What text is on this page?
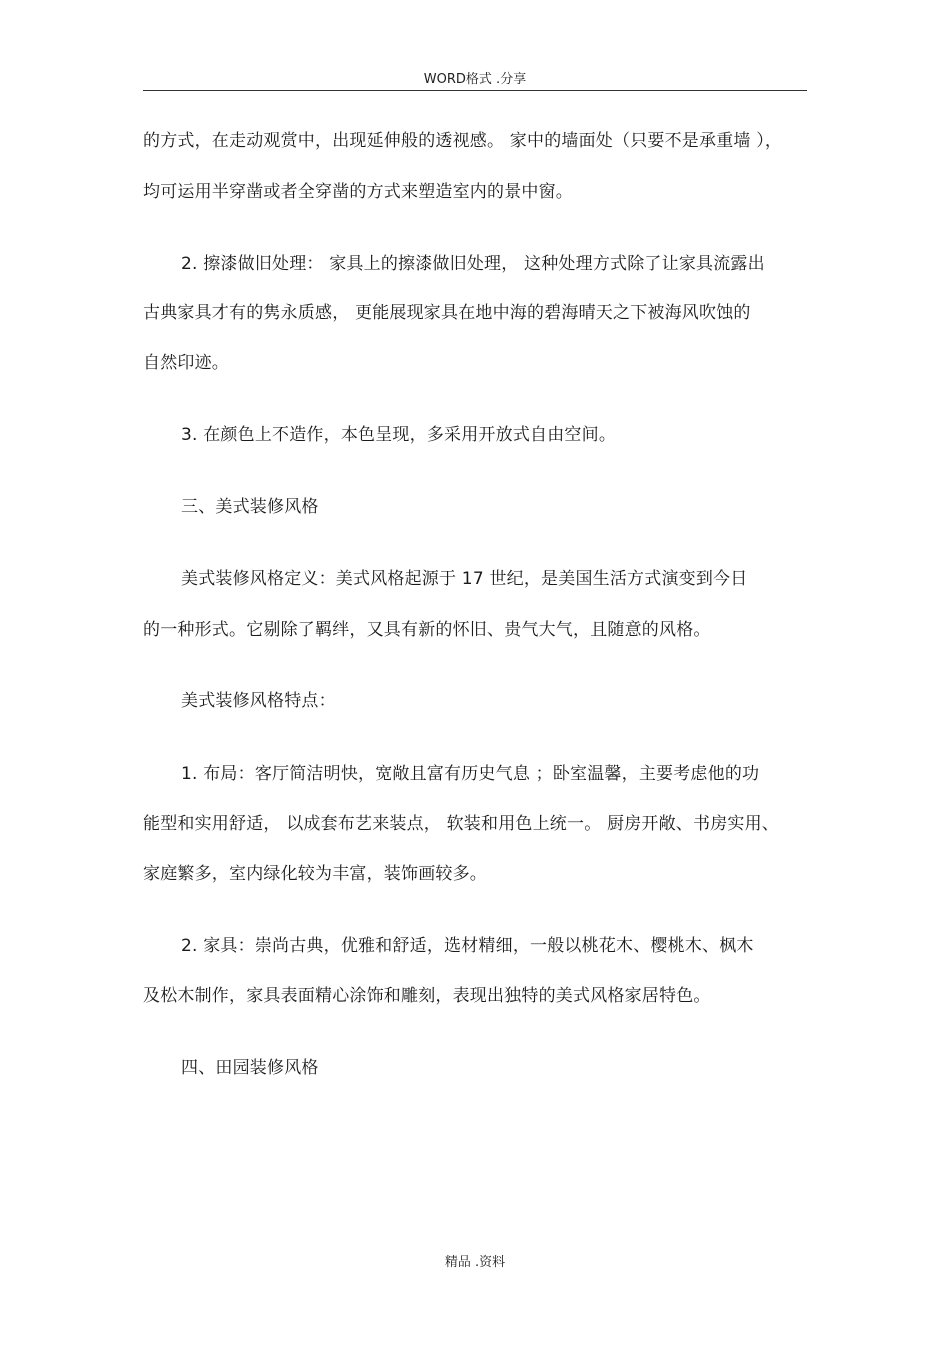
WORD格式 .分享
的方式，在走动观赏中，出现延伸般的透视感。 家中的墙面处（只要不是承重墙 ），
均可运用半穿凿或者全穿凿的方式来塑造室内的景中窗。
2. 擦漆做旧处理： 家具上的擦漆做旧处理， 这种处理方式除了让家具流露出
古典家具才有的隽永质感， 更能展现家具在地中海的碧海晴天之下被海风吹蚀的
自然印迹。
3. 在颜色上不造作，本色呈现，多采用开放式自由空间。
三、美式装修风格
美式装修风格定义：美式风格起源于 17 世纪，是美国生活方式演变到今日
的一种形式。它剔除了羁绊，又具有新的怀旧、贵气大气，且随意的风格。
美式装修风格特点：
1. 布局：客厅简洁明快，宽敞且富有历史气息 ；卧室温馨，主要考虑他的功
能型和实用舒适， 以成套布艺来装点， 软装和用色上统一。 厨房开敞、书房实用、
家庭繁多，室内绿化较为丰富，装饰画较多。
2. 家具：崇尚古典，优雅和舒适，选材精细，一般以桃花木、樱桃木、枫木
及松木制作，家具表面精心涂饰和雕刻，表现出独特的美式风格家居特色。
四、田园装修风格
精品 .资料
